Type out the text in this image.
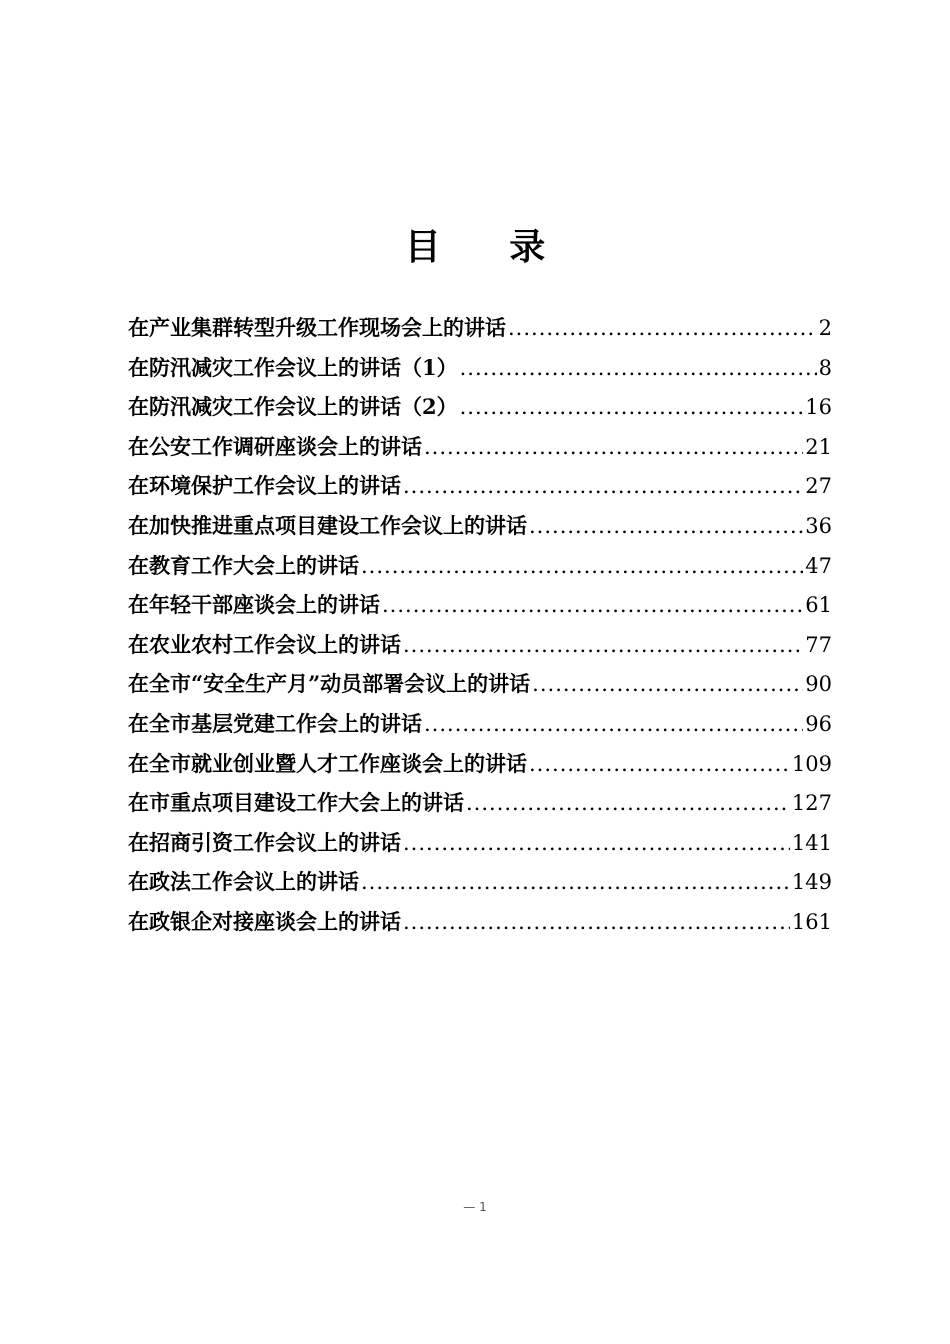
目 录
在产业集群转型升级工作现场会上的讲话 .....	2
在防汛减灾工作会议上的讲话（1） .....	8
在防汛减灾工作会议上的讲话（2） .....	16
在公安工作调研座谈会上的讲话 .....	21
在环境保护工作会议上的讲话 .....	27
在加快推进重点项目建设工作会议上的讲话 .....	36
在教育工作大会上的讲话 .....	47
在年轻干部座谈会上的讲话 .....	61
在农业农村工作会议上的讲话 .....	77
在全市“安全生产月”动员部署会议上的讲话 .....	90
在全市基层党建工作会上的讲话 .....	96
在全市就业创业暨人才工作座谈会上的讲话 .....	109
在市重点项目建设工作大会上的讲话 .....	127
在招商引资工作会议上的讲话 .....	141
在政法工作会议上的讲话 .....	149
在政银企对接座谈会上的讲话 .....	161
— 1
